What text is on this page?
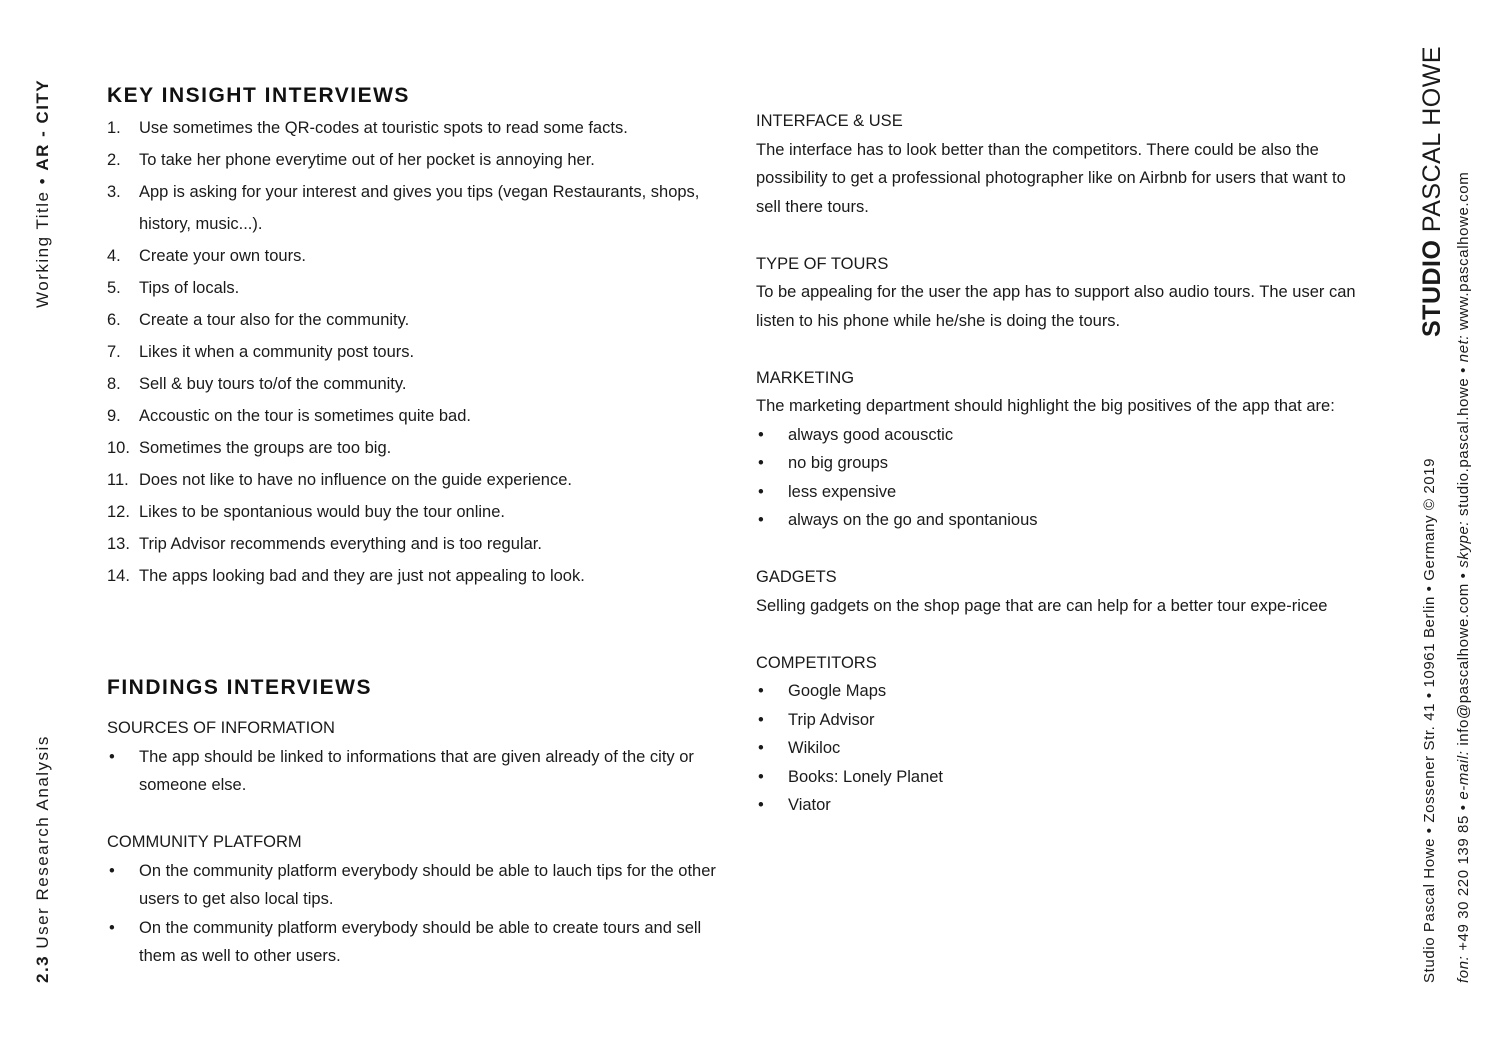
Working Title • AR - CITY
2.3 User Research Analysis
STUDIO PASCAL HOWE
Studio Pascal Howe • Zossener Str. 41 • 10961 Berlin • Germany © 2019 fon: +49 30 220 139 85 • e-mail: info@pascalhowe.com • skype: studio.pascal.howe • net: www.pascalhowe.com
KEY INSIGHT INTERVIEWS
1. Use sometimes the QR-codes at touristic spots to read some facts.
2. To take her phone everytime out of her pocket is annoying her.
3. App is asking for your interest and gives you tips (vegan Restaurants, shops, history, music...).
4. Create your own tours.
5. Tips of locals.
6. Create a tour also for the community.
7. Likes it when a community post tours.
8. Sell & buy tours to/of the community.
9. Accoustic on the tour is sometimes quite bad.
10. Sometimes the groups are too big.
11. Does not like to have no influence on the guide experience.
12. Likes to be spontanious would buy the tour online.
13. Trip Advisor recommends everything and is too regular.
14. The apps looking bad and they are just not appealing to look.
FINDINGS INTERVIEWS
SOURCES OF INFORMATION
• The app should be linked to informations that are given already of the city or someone else.
COMMUNITY PLATFORM
• On the community platform everybody should be able to lauch tips for the other users to get also local tips.
• On the community platform everybody should be able to create tours and sell them as well to other users.
INTERFACE & USE
The interface has to look better than the competitors. There could be also the possibility to get a professional photographer like on Airbnb for users that want to sell there tours.
TYPE OF TOURS
To be appealing for the user the app has to support also audio tours. The user can listen to his phone while he/she is doing the tours.
MARKETING
The marketing department should highlight the big positives of the app that are:
• always good acousctic
• no big groups
• less expensive
• always on the go and spontanious
GADGETS
Selling gadgets on the shop page that are can help for a better tour expe-ricee
COMPETITORS
• Google Maps
• Trip Advisor
• Wikiloc
• Books: Lonely Planet
• Viator
